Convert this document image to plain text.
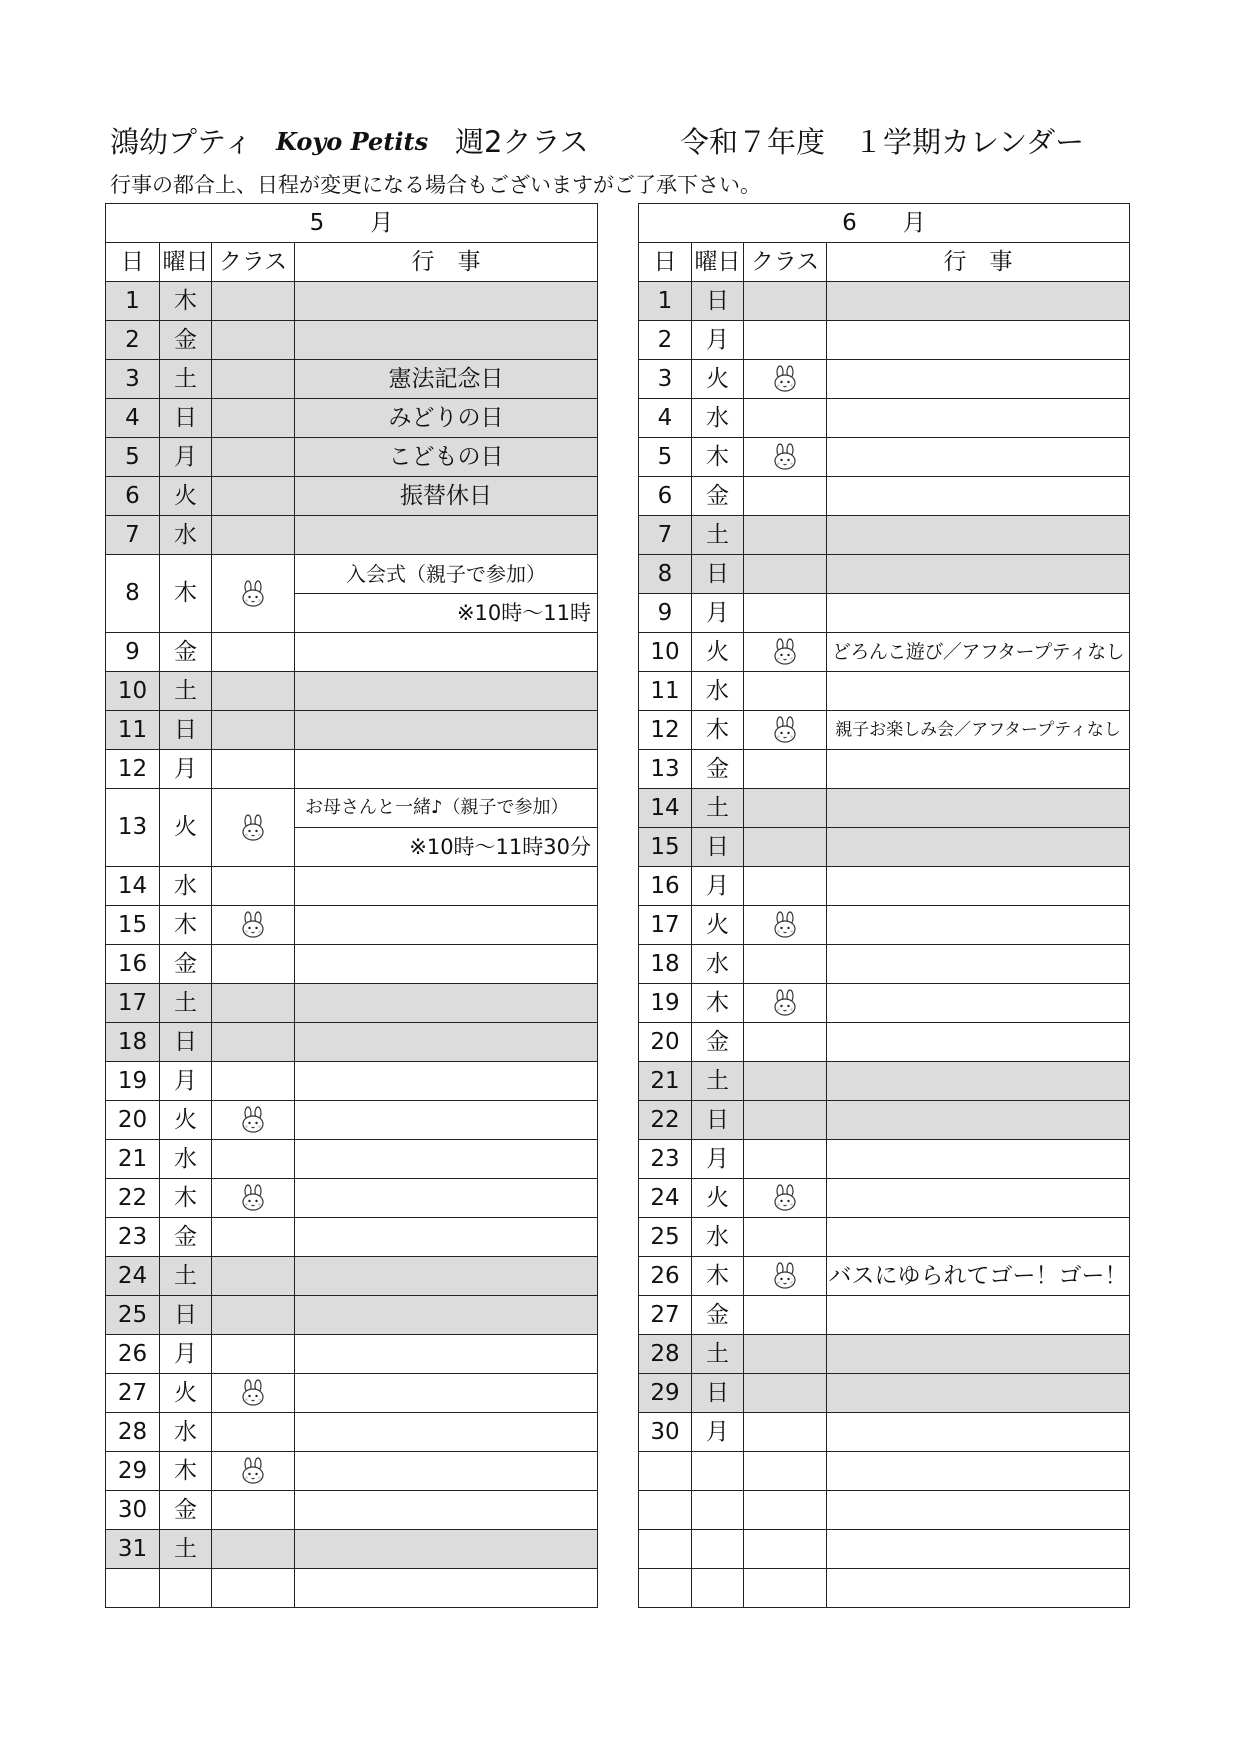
鴻幼プティ Koyo Petits 週2クラス	令和７年度　１学期カレンダー
行事の都合上、日程が変更になる場合もございますがご了承下さい。
5　　月			
日	曜日	クラス	行　事
1	木		
2	金		
3	土		憲法記念日
4	日		みどりの日
5	月		こどもの日
6	火		振替休日
7	水		
8	木		入会式（親子で参加）
			※10時～11時
9	金		
10	土		
11	日		
12	月		
13	火		お母さんと一緒♪（親子で参加）
			※10時～11時30分
14	水		
15	木		
16	金		
17	土		
18	日		
19	月		
20	火		
21	水		
22	木		
23	金		
24	土		
25	日		
26	月		
27	火		
28	水		
29	木		
30	金		
31	土		

6　　月			
日	曜日	クラス	行　事
1	日		
2	月		
3	火		
4	水		
5	木		
6	金		
7	土		
8	日		
9	月		
10	火		どろんこ遊び／アフタープティなし
11	水		
12	木		親子お楽しみ会／アフタープティなし
13	金		
14	土		
15	日		
16	月		
17	火		
18	水		
19	木		
20	金		
21	土		
22	日		
23	月		
24	火		
25	水		
26	木		バスにゆられてゴー！ゴー！
27	金		
28	土		
29	日		
30	月		
